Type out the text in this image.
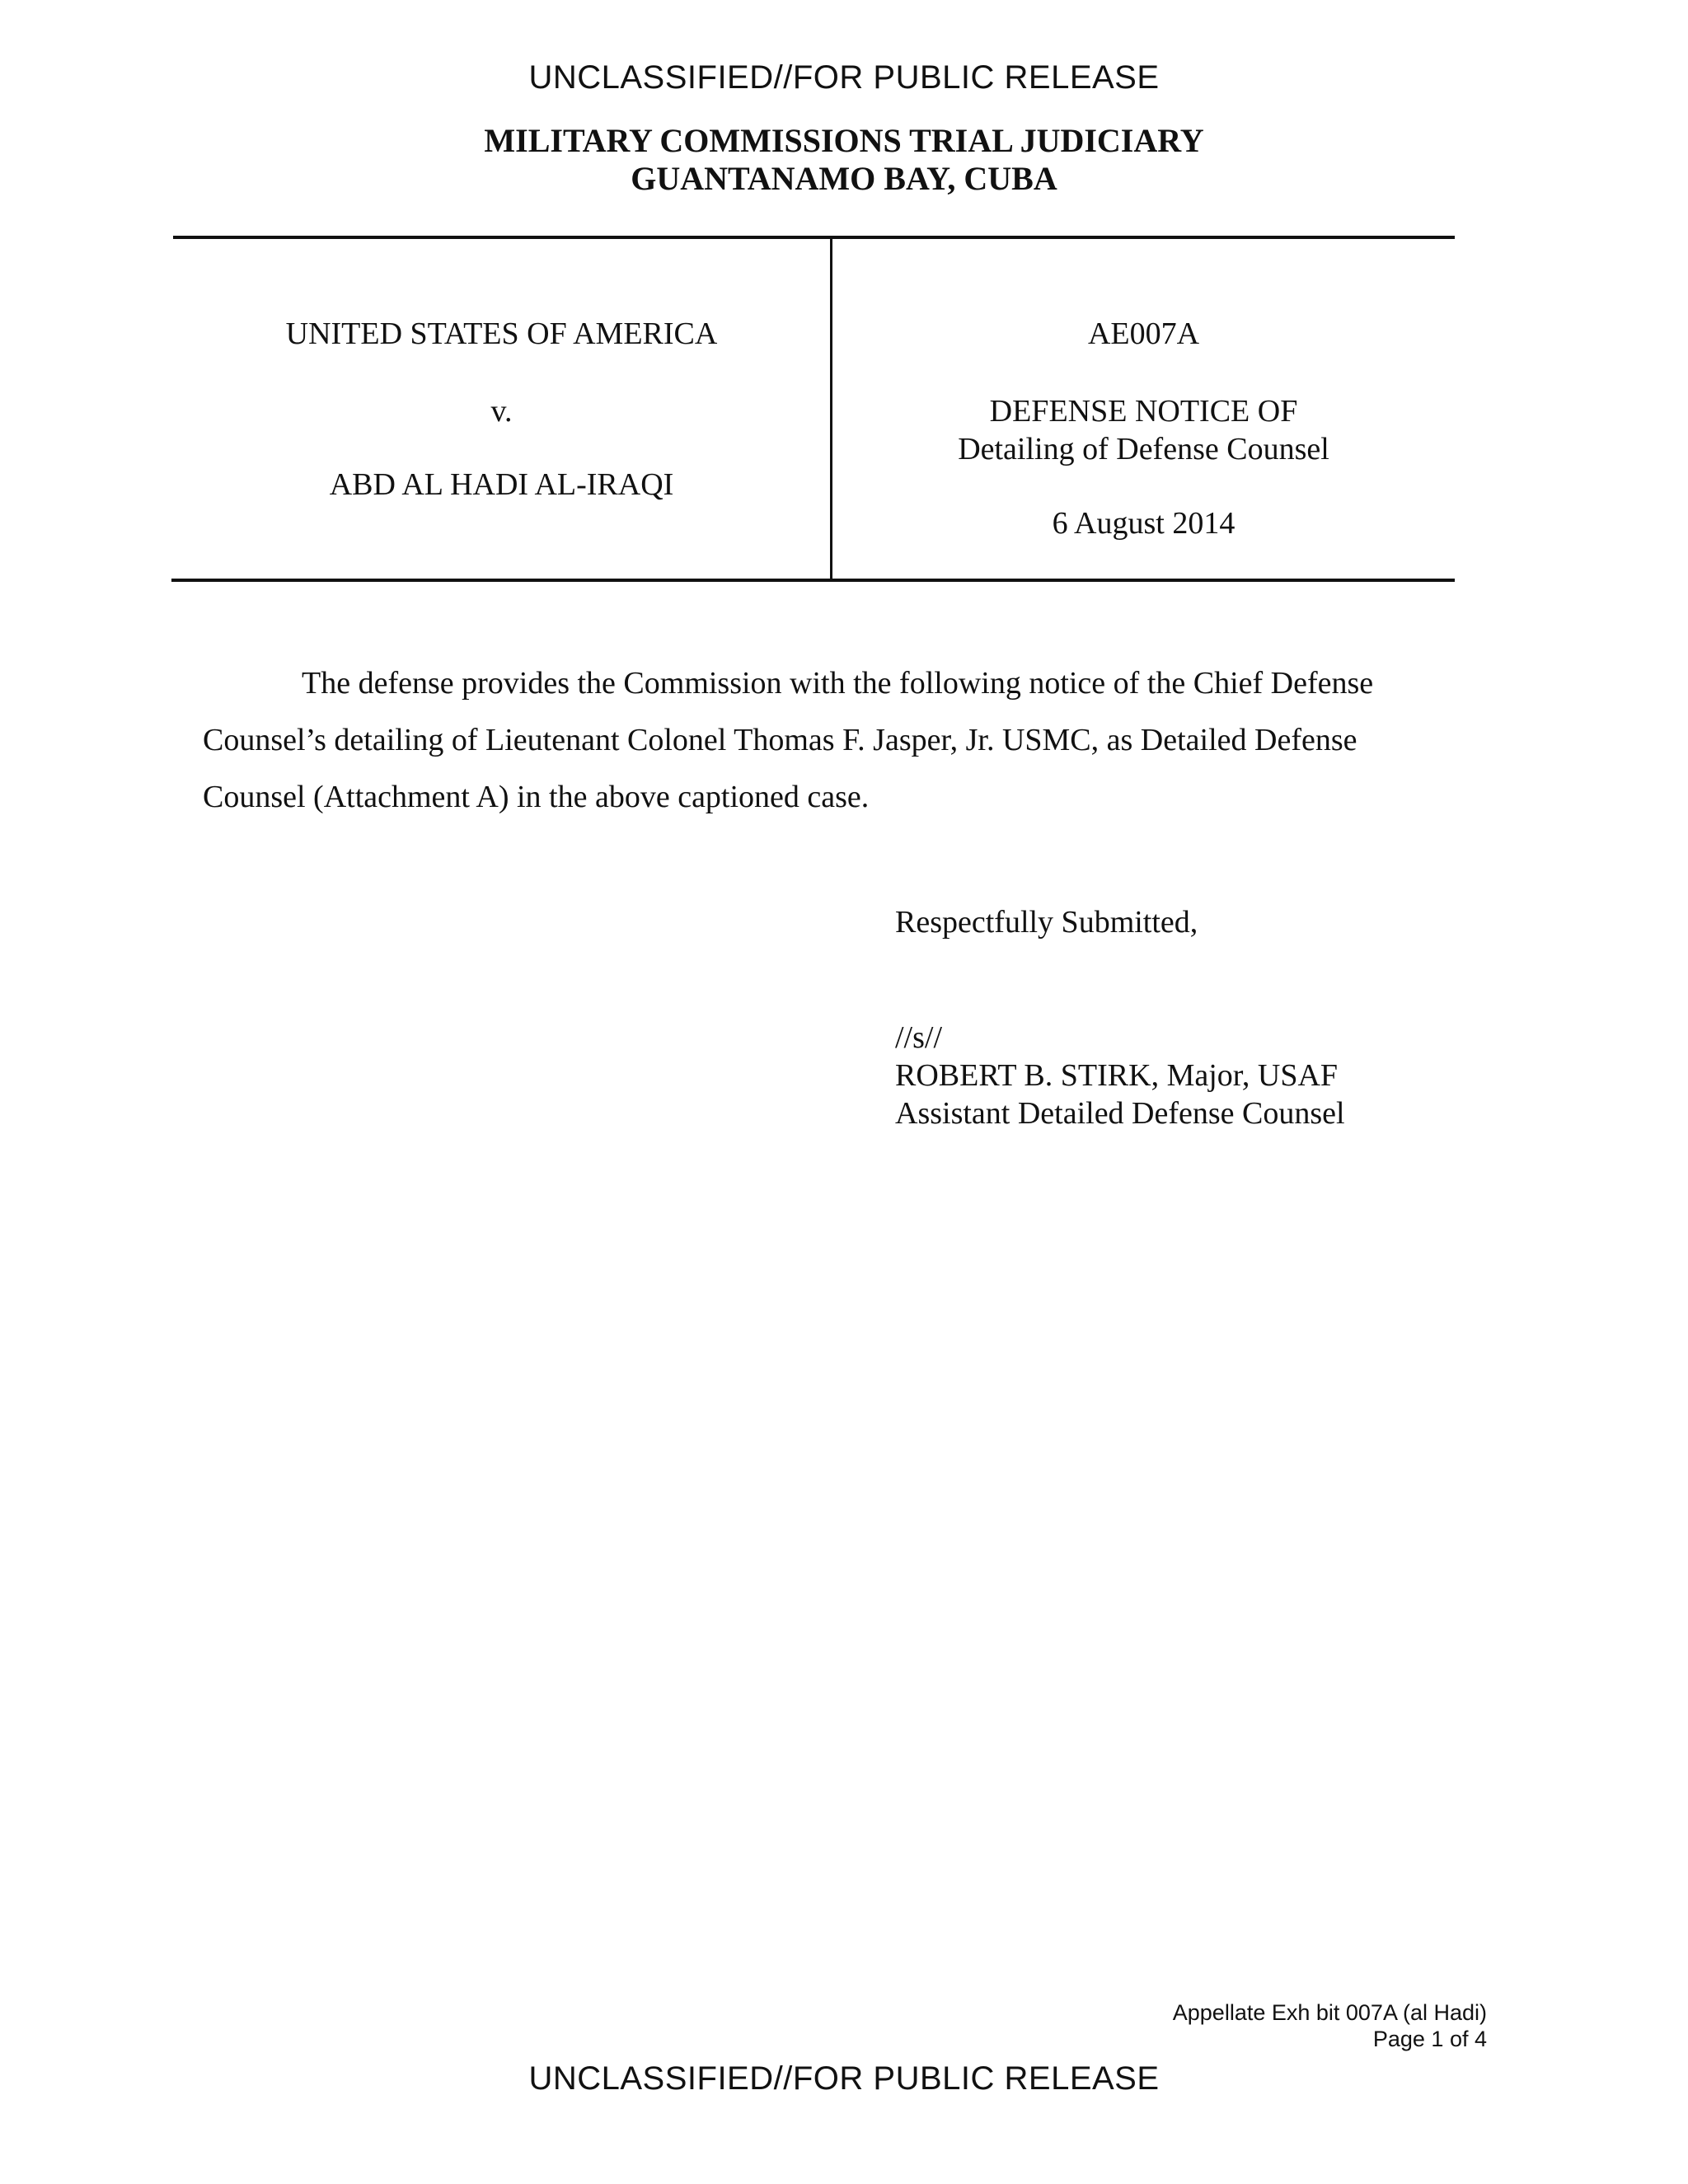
UNCLASSIFIED//FOR PUBLIC RELEASE
MILITARY COMMISSIONS TRIAL JUDICIARY
GUANTANAMO BAY, CUBA
UNITED STATES OF AMERICA
v.
ABD AL HADI AL-IRAQI
AE007A
DEFENSE NOTICE OF
Detailing of Defense Counsel
6 August 2014

The defense provides the Commission with the following notice of the Chief Defense Counsel’s detailing of Lieutenant Colonel Thomas F. Jasper, Jr. USMC, as Detailed Defense Counsel (Attachment A) in the above captioned case.

Respectfully Submitted,
//s//
ROBERT B. STIRK, Major, USAF
Assistant Detailed Defense Counsel
Appellate Exh bit 007A (al Hadi)
Page 1 of 4
UNCLASSIFIED//FOR PUBLIC RELEASE
